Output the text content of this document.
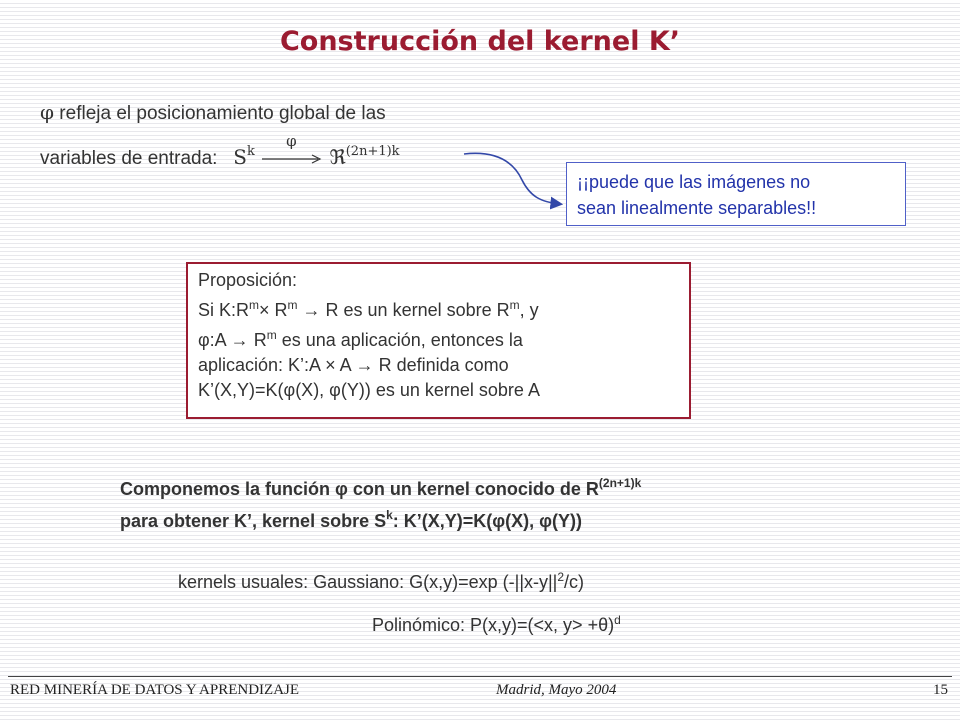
Construcción del kernel K’
φ refleja el posicionamiento global de las
variables de entrada: $S^k$
φ
ℜ$^{(2n+1)k}$
¡¡puede que las imágenes no
sean linealmente separables!!
Proposición:
Si $K:R^m\times R^m \to R$ es un kernel sobre $R^m$, y
φ:A → $R^m$ es una aplicación, entonces la
aplicación: K’:A × A → R definida como
K’(X,Y)=K(φ(X), φ(Y)) es un kernel sobre A
Componemos la función φ con un kernel conocido de $R^{(2n+1)k}$
para obtener K’, kernel sobre $S^k$: K’(X,Y)=K(φ(X), φ(Y))
kernels usuales: Gaussiano: G(x,y)=exp $(-||x-y||^2/c)$
Polinómico: P(x,y)=(<x, y> +θ)$^d$
RED MINERÍA DE DATOS Y APRENDIZAJE	Madrid, Mayo 2004	15
